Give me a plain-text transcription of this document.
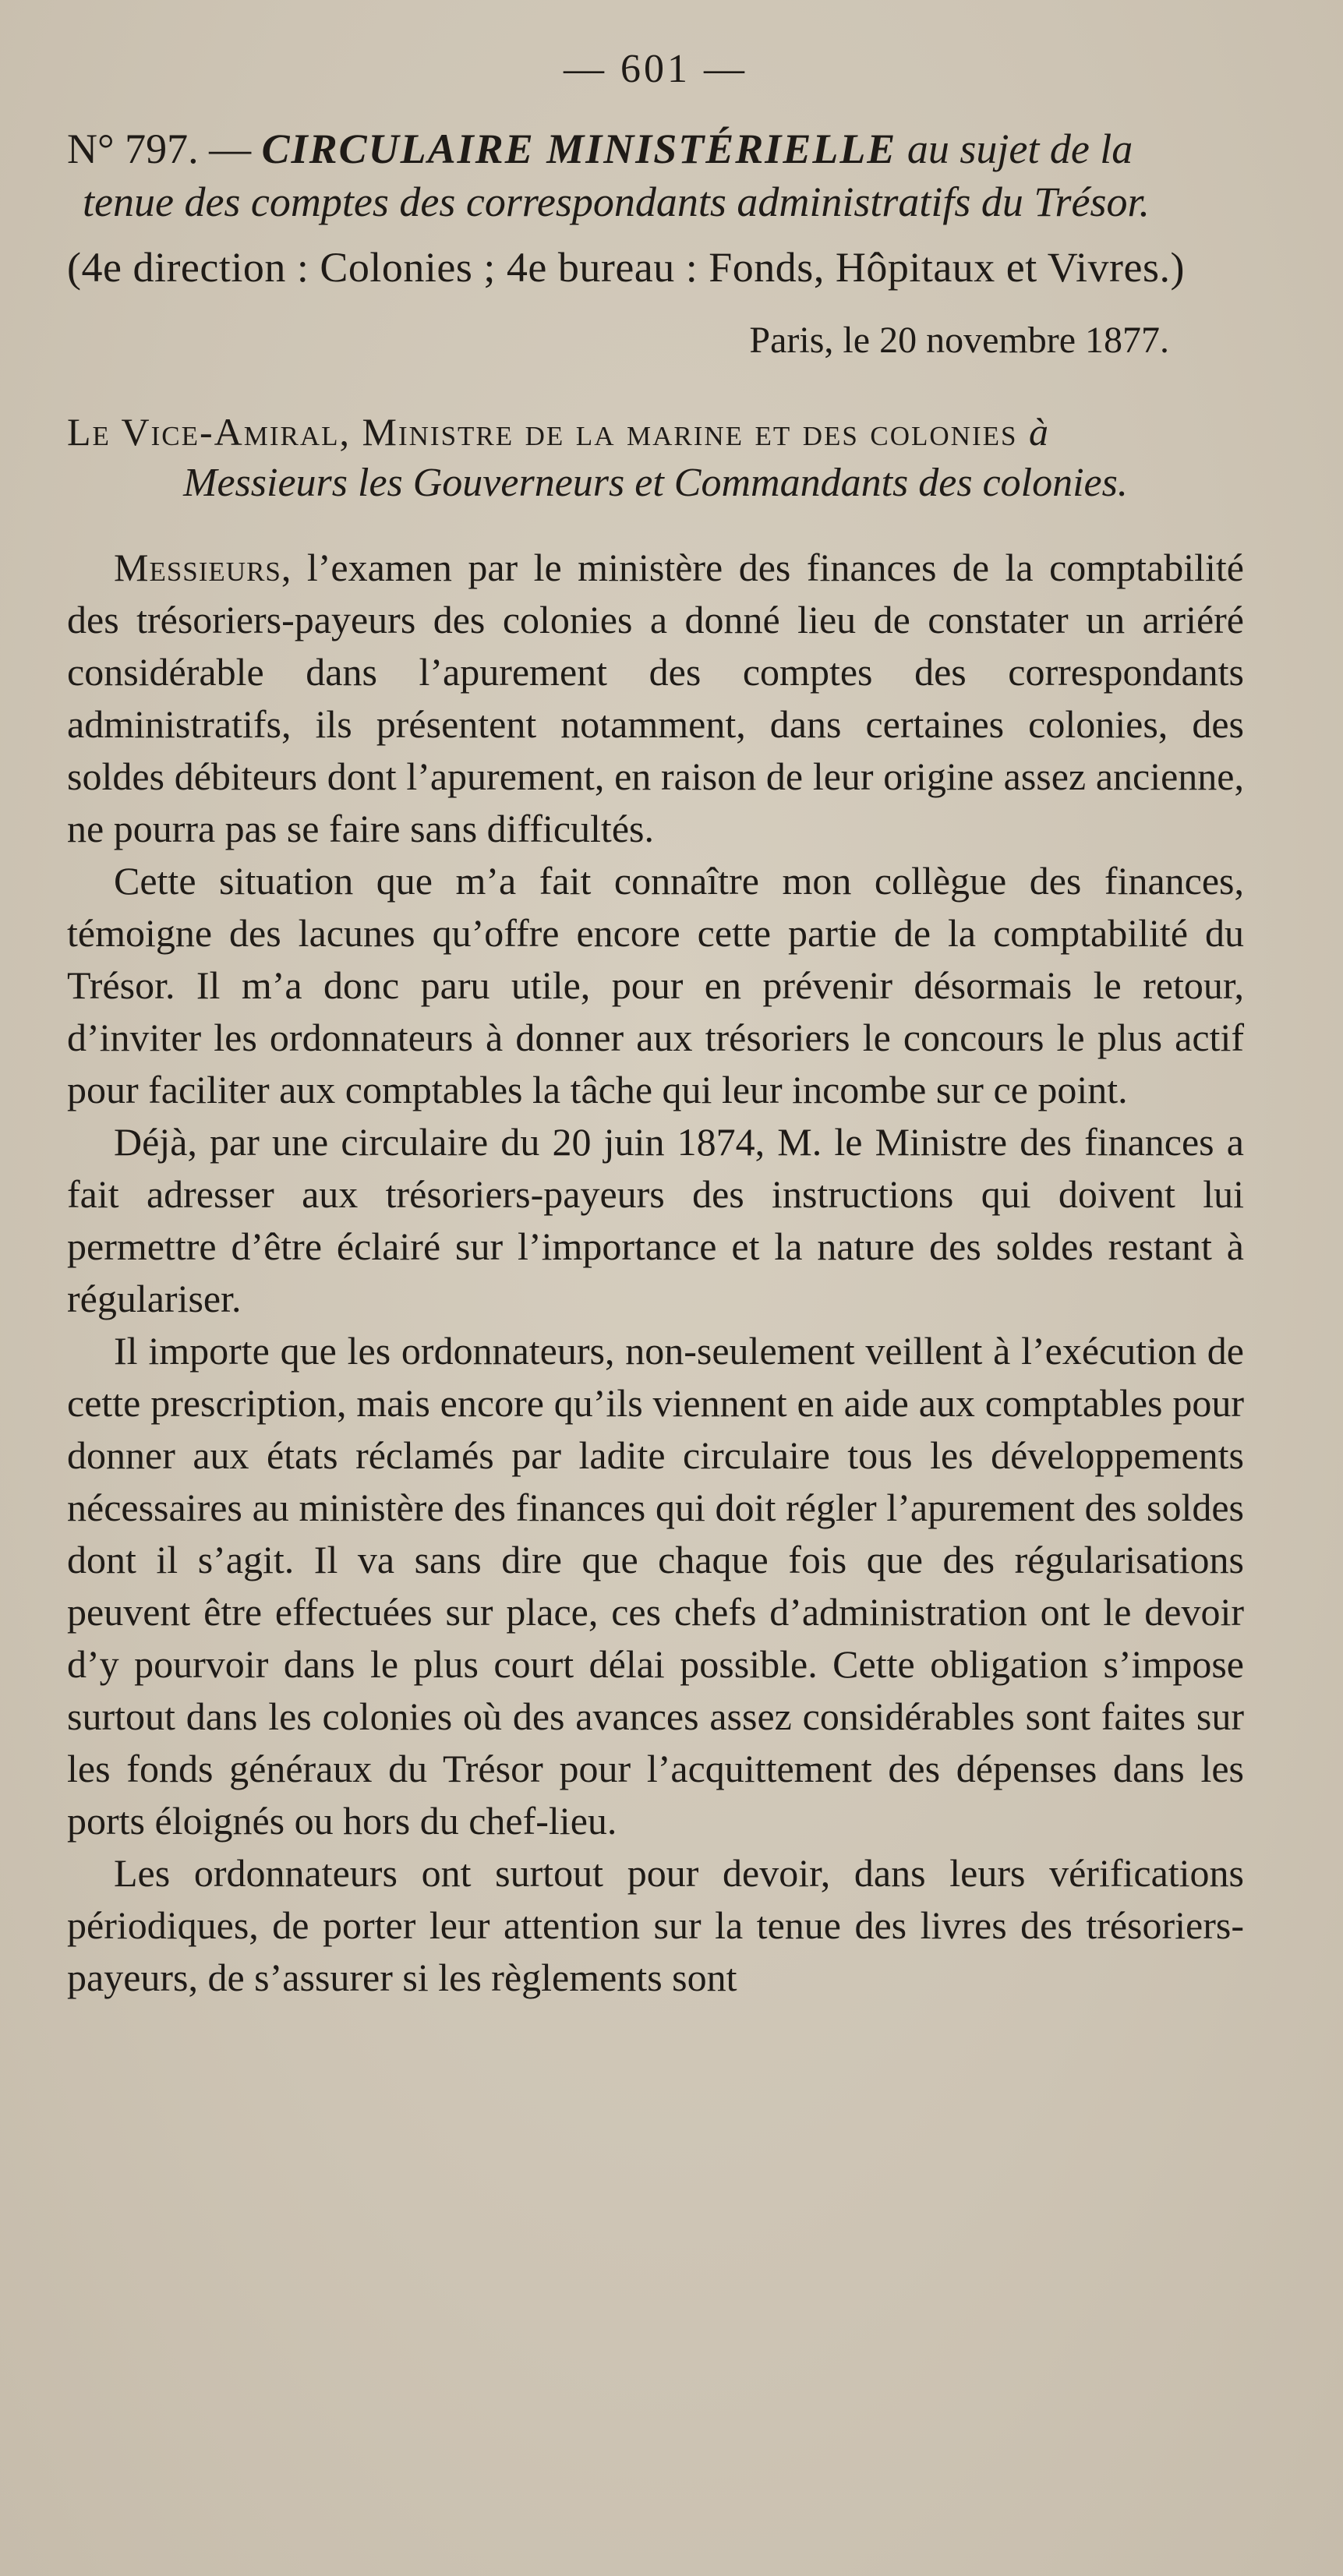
— 601 —
N° 797. — CIRCULAIRE MINISTÉRIELLE au sujet de la
tenue des comptes des correspondants administratifs du Trésor.
(4e direction : Colonies ; 4e bureau : Fonds, Hôpitaux et Vivres.)
Paris, le 20 novembre 1877.
Le Vice-Amiral, Ministre de la marine et des colonies à
Messieurs les Gouverneurs et Commandants des colonies.

Messieurs, l’examen par le ministère des finances de la comptabilité des trésoriers-payeurs des colonies a donné lieu de constater un arriéré considérable dans l’apurement des comptes des correspondants administratifs, ils présentent notamment, dans certaines colonies, des soldes débiteurs dont l’apurement, en raison de leur origine assez ancienne, ne pourra pas se faire sans difficultés.

Cette situation que m’a fait connaître mon collègue des finances, témoigne des lacunes qu’offre encore cette partie de la comptabilité du Trésor. Il m’a donc paru utile, pour en prévenir désormais le retour, d’inviter les ordonnateurs à donner aux trésoriers le concours le plus actif pour faciliter aux comptables la tâche qui leur incombe sur ce point.

Déjà, par une circulaire du 20 juin 1874, M. le Ministre des finances a fait adresser aux trésoriers-payeurs des instructions qui doivent lui permettre d’être éclairé sur l’importance et la nature des soldes restant à régulariser.

Il importe que les ordonnateurs, non-seulement veillent à l’exécution de cette prescription, mais encore qu’ils viennent en aide aux comptables pour donner aux états réclamés par ladite circulaire tous les développements nécessaires au ministère des finances qui doit régler l’apurement des soldes dont il s’agit. Il va sans dire que chaque fois que des régularisations peuvent être effectuées sur place, ces chefs d’administration ont le devoir d’y pourvoir dans le plus court délai possible. Cette obligation s’impose surtout dans les colonies où des avances assez considérables sont faites sur les fonds généraux du Trésor pour l’acquittement des dépenses dans les ports éloignés ou hors du chef-lieu.

Les ordonnateurs ont surtout pour devoir, dans leurs vérifications périodiques, de porter leur attention sur la tenue des livres des trésoriers-payeurs, de s’assurer si les règlements sont
